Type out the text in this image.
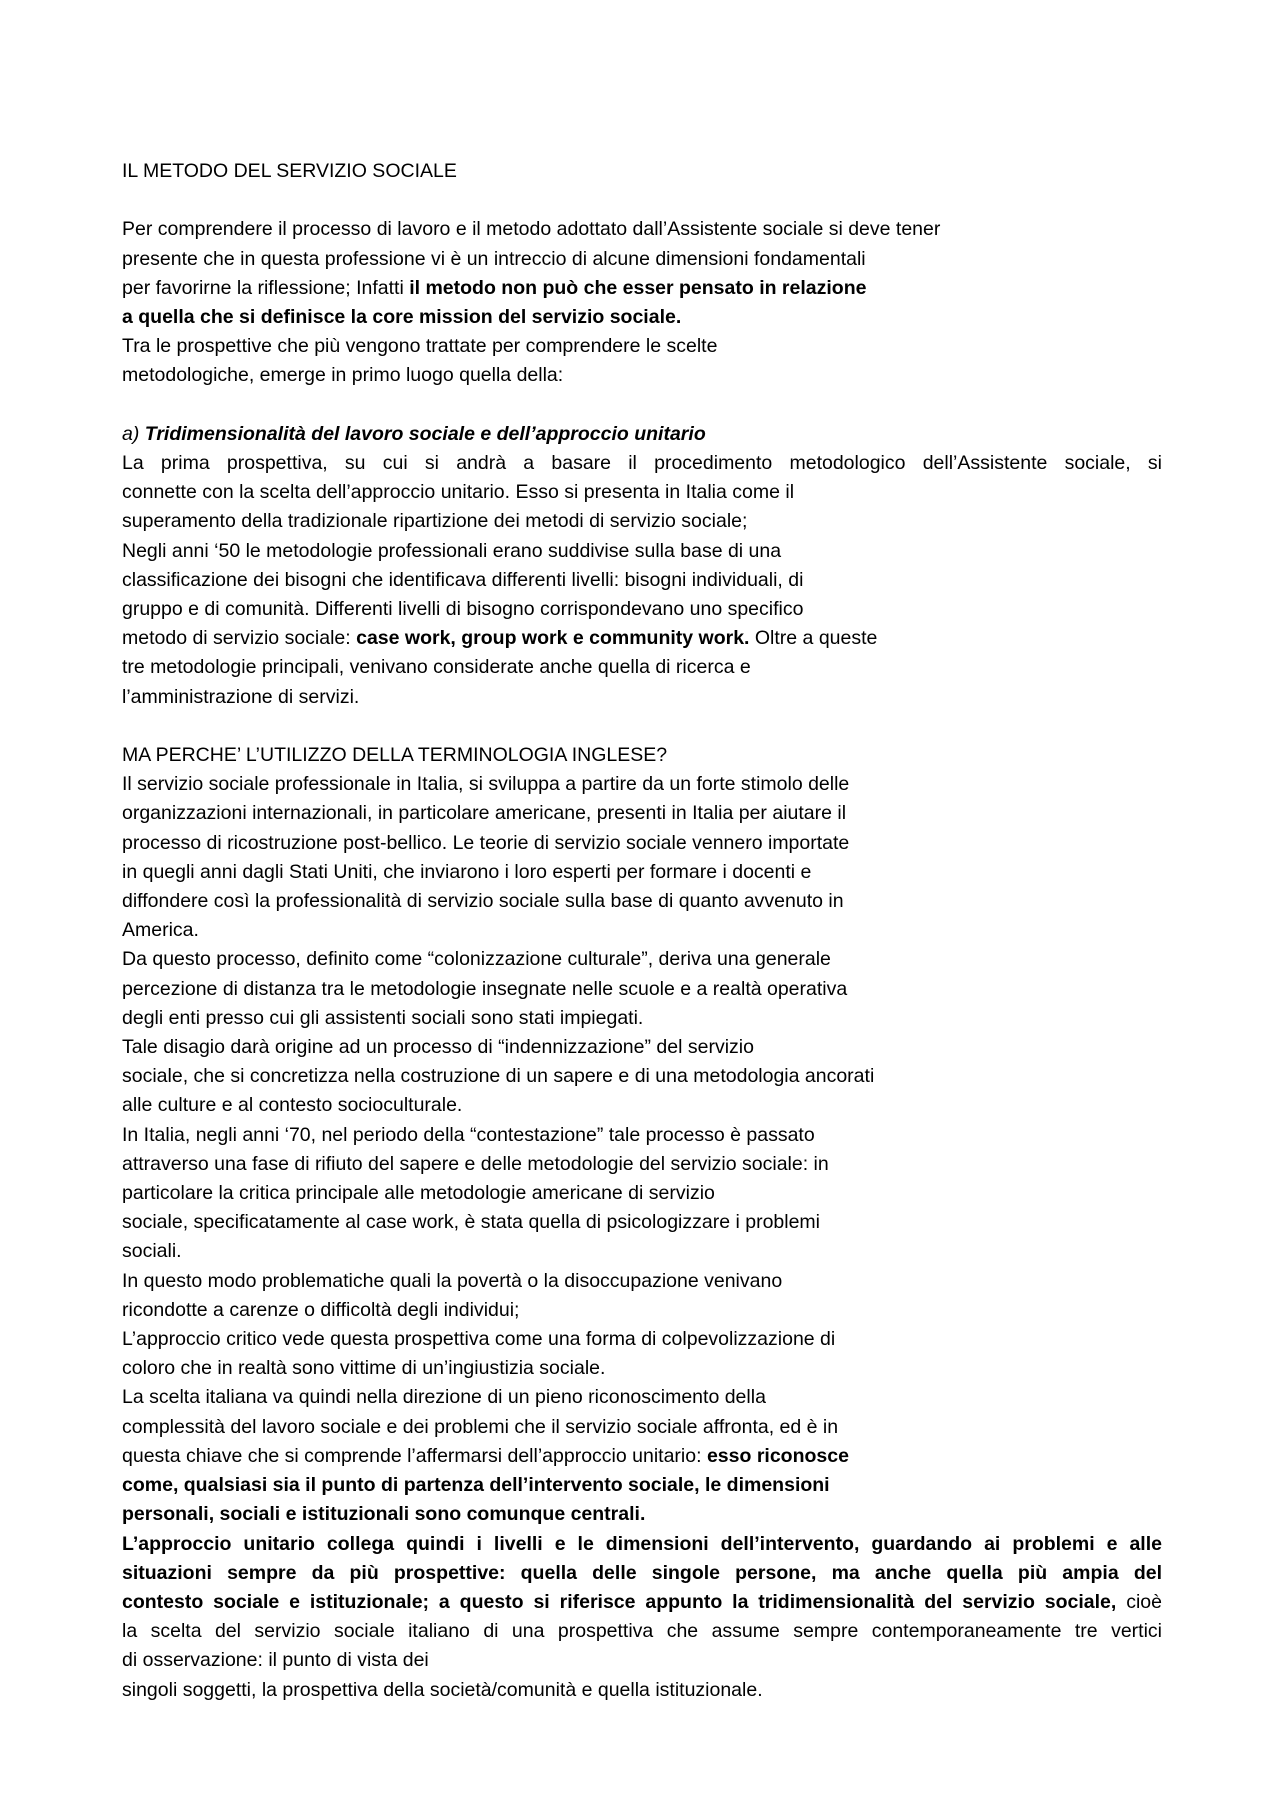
IL METODO DEL SERVIZIO SOCIALE
Per comprendere il processo di lavoro e il metodo adottato dall’Assistente sociale si deve tener
presente che in questa professione vi è un intreccio di alcune dimensioni fondamentali
per favorirne la riflessione; Infatti il metodo non può che esser pensato in relazione
a quella che si definisce la core mission del servizio sociale.
Tra le prospettive che più vengono trattate per comprendere le scelte
metodologiche, emerge in primo luogo quella della:
a) Tridimensionalità del lavoro sociale e dell’approccio unitario
La prima prospettiva, su cui si andrà a basare il procedimento metodologico dell’Assistente sociale, si
connette con la scelta dell’approccio unitario. Esso si presenta in Italia come il
superamento della tradizionale ripartizione dei metodi di servizio sociale;
Negli anni ‘50 le metodologie professionali erano suddivise sulla base di una
classificazione dei bisogni che identificava differenti livelli: bisogni individuali, di
gruppo e di comunità. Differenti livelli di bisogno corrispondevano uno specifico
metodo di servizio sociale: case work, group work e community work. Oltre a queste
tre metodologie principali, venivano considerate anche quella di ricerca e
l’amministrazione di servizi.
MA PERCHE’ L’UTILIZZO DELLA TERMINOLOGIA INGLESE?
Il servizio sociale professionale in Italia, si sviluppa a partire da un forte stimolo delle
organizzazioni internazionali, in particolare americane, presenti in Italia per aiutare il
processo di ricostruzione post-bellico. Le teorie di servizio sociale vennero importate
in quegli anni dagli Stati Uniti, che inviarono i loro esperti per formare i docenti e
diffondere così la professionalità di servizio sociale sulla base di quanto avvenuto in
America.
Da questo processo, definito come “colonizzazione culturale”, deriva una generale
percezione di distanza tra le metodologie insegnate nelle scuole e a realtà operativa
degli enti presso cui gli assistenti sociali sono stati impiegati.
Tale disagio darà origine ad un processo di “indennizzazione” del servizio
sociale, che si concretizza nella costruzione di un sapere e di una metodologia ancorati
alle culture e al contesto socioculturale.
In Italia, negli anni ‘70, nel periodo della “contestazione” tale processo è passato
attraverso una fase di rifiuto del sapere e delle metodologie del servizio sociale: in
particolare la critica principale alle metodologie americane di servizio
sociale, specificatamente al case work, è stata quella di psicologizzare i problemi
sociali.
In questo modo problematiche quali la povertà o la disoccupazione venivano
ricondotte a carenze o difficoltà degli individui;
L’approccio critico vede questa prospettiva come una forma di colpevolizzazione di
coloro che in realtà sono vittime di un’ingiustizia sociale.
La scelta italiana va quindi nella direzione di un pieno riconoscimento della
complessità del lavoro sociale e dei problemi che il servizio sociale affronta, ed è in
questa chiave che si comprende l’affermarsi dell’approccio unitario: esso riconosce
come, qualsiasi sia il punto di partenza dell’intervento sociale, le dimensioni
personali, sociali e istituzionali sono comunque centrali.
L’approccio unitario collega quindi i livelli e le dimensioni dell’intervento, guardando ai problemi e alle
situazioni sempre da più prospettive: quella delle singole persone, ma anche quella più ampia del
contesto sociale e istituzionale; a questo si riferisce appunto la tridimensionalità del servizio sociale, cioè
la scelta del servizio sociale italiano di una prospettiva che assume sempre contemporaneamente tre vertici
di osservazione: il punto di vista dei
singoli soggetti, la prospettiva della società/comunità e quella istituzionale.
